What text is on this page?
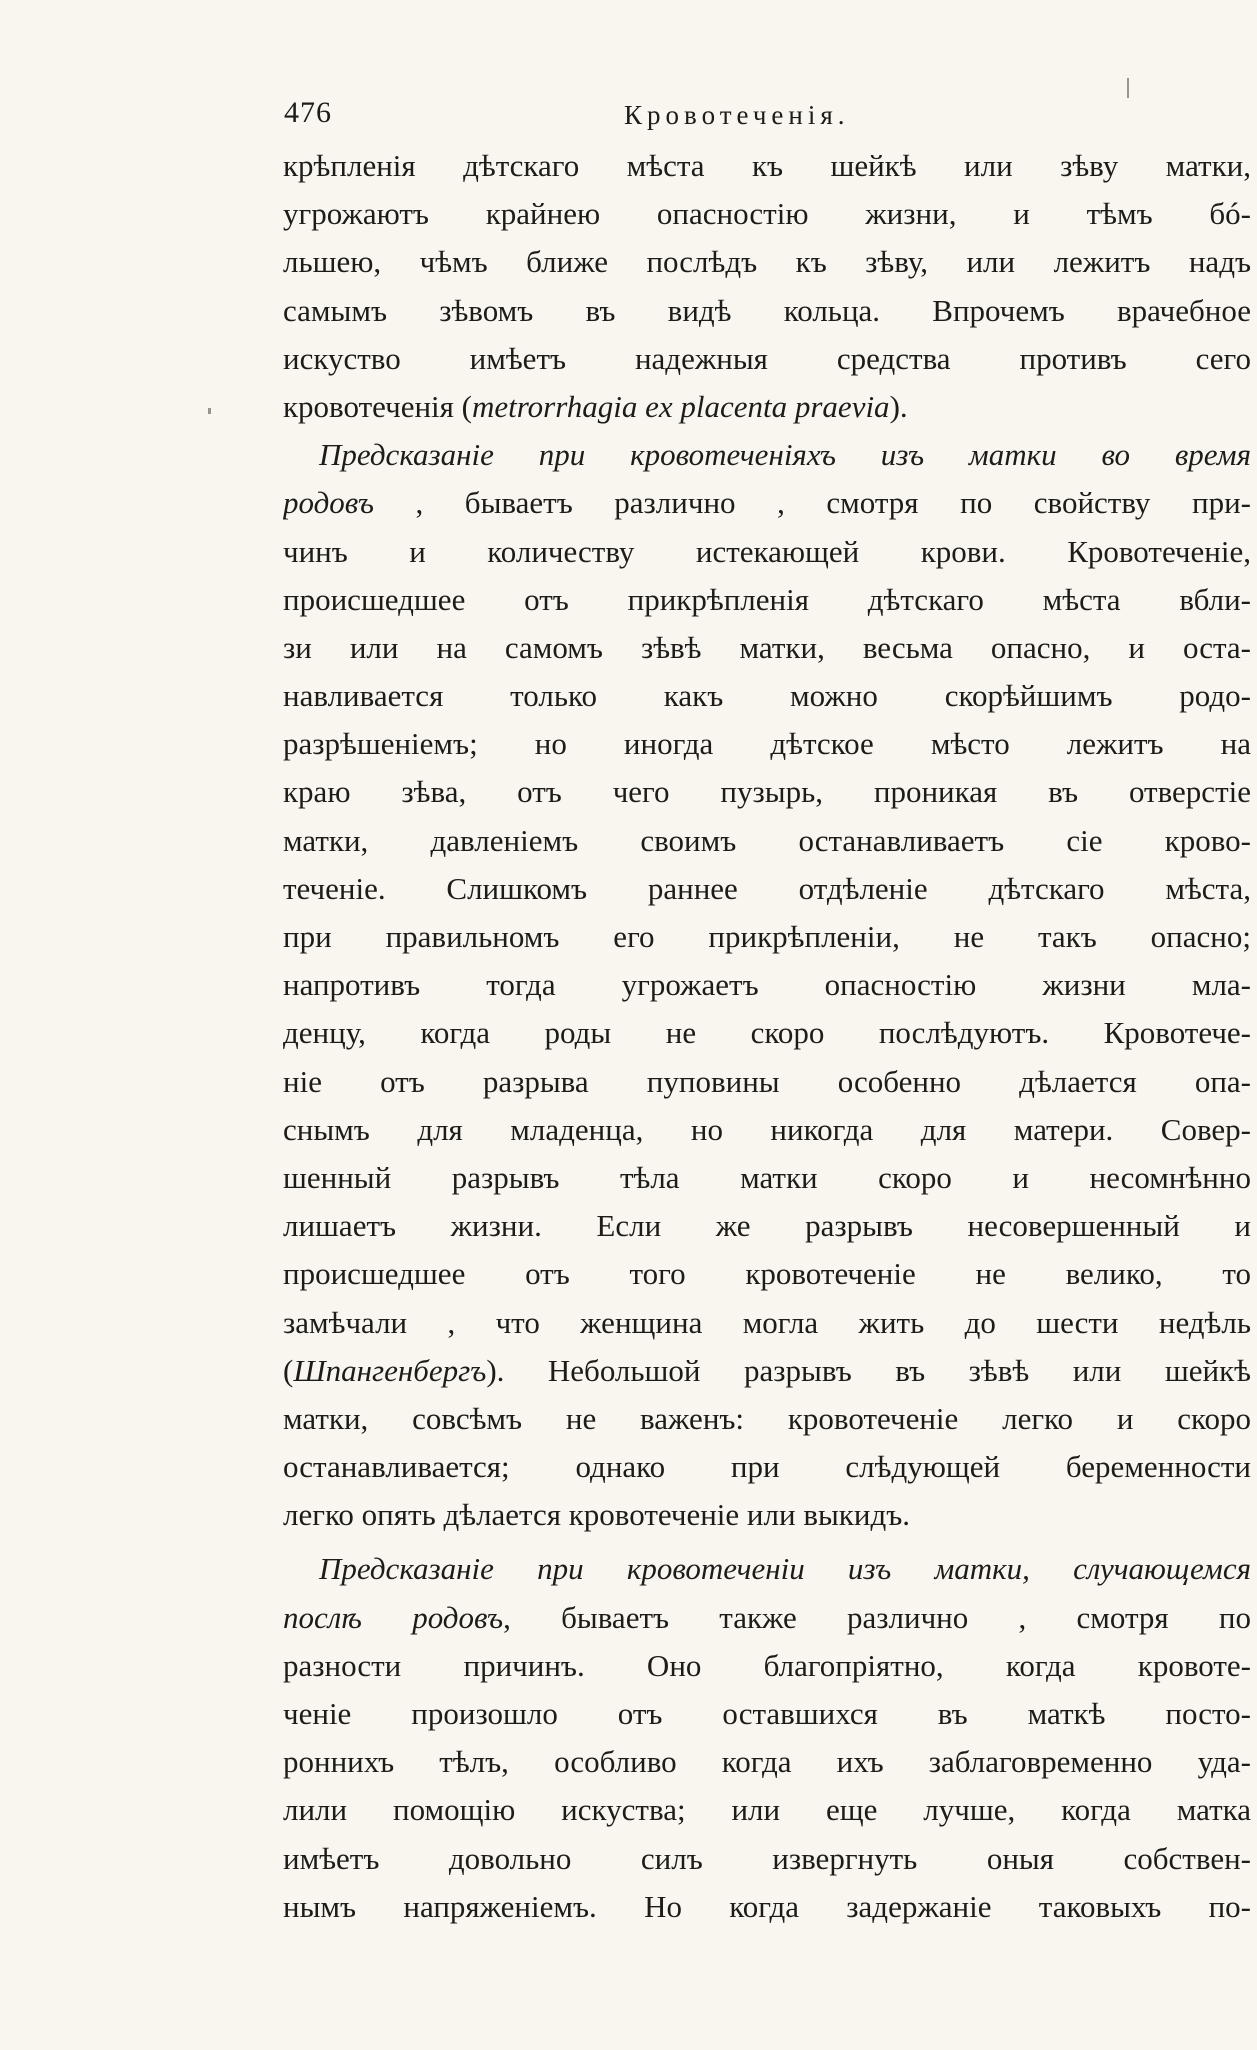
476	Кровотеченія.
крѣпленія дѣтскаго мѣста къ шейкѣ или зѣву матки,
угрожаютъ крайнею опасностію жизни, и тѣмъ бó-
льшею, чѣмъ ближе послѣдъ къ зѣву, или лежитъ надъ
самымъ зѣвомъ въ видѣ кольца. Впрочемъ врачебное
искуство имѣетъ надежныя средства противъ сего
кровотеченія (metrorrhagia ex placenta praevia).
Предсказаніе при кровотеченіяхъ изъ матки во время
родовъ , бываетъ различно , смотря по свойству при-
чинъ и количеству истекающей крови. Кровотеченіе,
происшедшее отъ прикрѣпленія дѣтскаго мѣста вбли-
зи или на самомъ зѣвѣ матки, весьма опасно, и оста-
навливается только какъ можно скорѣйшимъ родо-
разрѣшеніемъ; но иногда дѣтское мѣсто лежитъ на
краю зѣва, отъ чего пузырь, проникая въ отверстіе
матки, давленіемъ своимъ останавливаетъ сіе крово-
теченіе. Слишкомъ раннее отдѣленіе дѣтскаго мѣста,
при правильномъ его прикрѣпленіи, не такъ опасно;
напротивъ тогда угрожаетъ опасностію жизни мла-
денцу, когда роды не скоро послѣдуютъ. Кровотече-
ніе отъ разрыва пуповины особенно дѣлается опа-
снымъ для младенца, но никогда для матери. Совер-
шенный разрывъ тѣла матки скоро и несомнѣнно
лишаетъ жизни. Если же разрывъ несовершенный и
происшедшее отъ того кровотеченіе не велико, то
замѣчали , что женщина могла жить до шести недѣль
(Шпангенбергъ). Небольшой разрывъ въ зѣвѣ или шейкѣ
матки, совсѣмъ не важенъ: кровотеченіе легко и скоро
останавливается; однако при слѣдующей беременности
легко опять дѣлается кровотеченіе или выкидъ.
Предсказаніе при кровотеченіи изъ матки, случающемся
послѣ родовъ, бываетъ также различно , смотря по
разности причинъ. Оно благопріятно, когда кровоте-
ченіе произошло отъ оставшихся въ маткѣ посто-
роннихъ тѣлъ, особливо когда ихъ заблаговременно уда-
лили помощію искуства; или еще лучше, когда матка
имѣетъ довольно силъ извергнуть оныя собствен-
нымъ напряженіемъ. Но когда задержаніе таковыхъ по-
